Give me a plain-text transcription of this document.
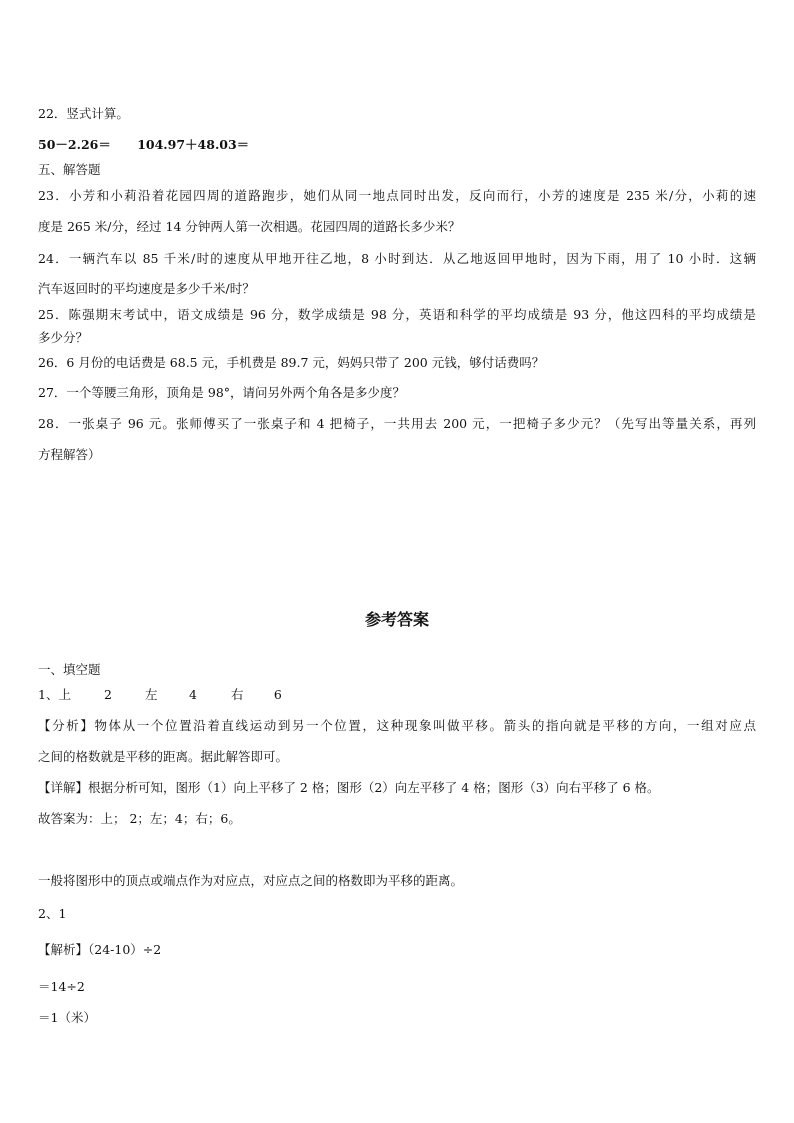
22．竖式计算。
50－2.26＝ 104.97＋48.03＝
五、解答题
23．小芳和小莉沿着花园四周的道路跑步，她们从同一地点同时出发，反向而行，小芳的速度是 235 米/分，小莉的速
度是 265 米/分，经过 14 分钟两人第一次相遇。花园四周的道路长多少米？
24．一辆汽车以 85 千米/时的速度从甲地开往乙地，8 小时到达．从乙地返回甲地时，因为下雨，用了 10 小时．这辆
汽车返回时的平均速度是多少千米/时？
25．陈强期末考试中，语文成绩是 96 分，数学成绩是 98 分，英语和科学的平均成绩是 93 分，他这四科的平均成绩是
多少分？
26．6 月份的电话费是 68.5 元，手机费是 89.7 元，妈妈只带了 200 元钱，够付话费吗？
27．一个等腰三角形，顶角是 98°，请问另外两个角各是多少度？
28．一张桌子 96 元。张师傅买了一张桌子和 4 把椅子，一共用去 200 元，一把椅子多少元？（先写出等量关系，再列
方程解答）
参考答案
一、填空题
1、上	2	左	4	右 6
【分析】物体从一个位置沿着直线运动到另一个位置，这种现象叫做平移。箭头的指向就是平移的方向，一组对应点
之间的格数就是平移的距离。据此解答即可。
【详解】根据分析可知，图形（1）向上平移了 2 格；图形（2）向左平移了 4 格；图形（3）向右平移了 6 格。
故答案为：上； 2；左；4；右；6。
一般将图形中的顶点或端点作为对应点，对应点之间的格数即为平移的距离。
2、1
【解析】（24-10）÷2
＝14÷2
＝1（米）
